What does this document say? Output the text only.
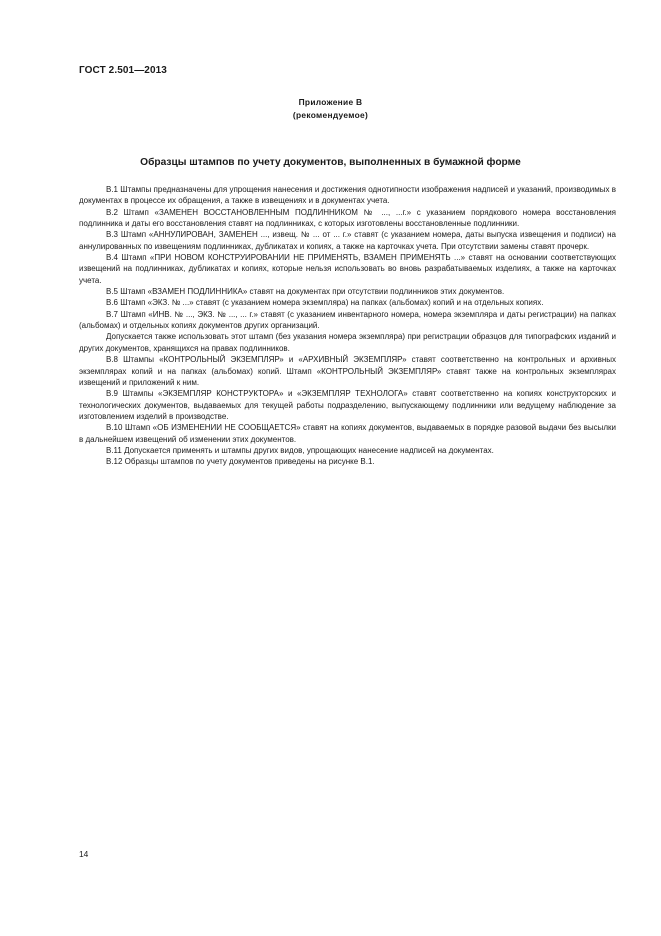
ГОСТ 2.501—2013
Приложение В
(рекомендуемое)
Образцы штампов по учету документов, выполненных в бумажной форме

В.1 Штампы предназначены для упрощения нанесения и достижения однотипности изображения надписей и указаний, производимых в документах в процессе их обращения, а также в извещениях и в документах учета.

В.2 Штамп «ЗАМЕНЕН ВОССТАНОВЛЕННЫМ ПОДЛИННИКОМ № ..., ...г.» с указанием порядкового номера восстановления подлинника и даты его восстановления ставят на подлинниках, с которых изготовлены восстановленные подлинники.

В.3 Штамп «АННУЛИРОВАН, ЗАМЕНЕН ..., извещ. № ... от ... г.» ставят (с указанием номера, даты выпуска извещения и подписи) на аннулированных по извещениям подлинниках, дубликатах и копиях, а также на карточках учета. При отсутствии замены ставят прочерк.

В.4 Штамп «ПРИ НОВОМ КОНСТРУИРОВАНИИ НЕ ПРИМЕНЯТЬ, ВЗАМЕН ПРИМЕНЯТЬ ...» ставят на основании соответствующих извещений на подлинниках, дубликатах и копиях, которые нельзя использовать во вновь разрабатываемых изделиях, а также на карточках учета.

В.5 Штамп «ВЗАМЕН ПОДЛИННИКА» ставят на документах при отсутствии подлинников этих документов.

В.6 Штамп «ЭКЗ. № ...» ставят (с указанием номера экземпляра) на папках (альбомах) копий и на отдельных копиях.

В.7 Штамп «ИНВ. № ..., ЭКЗ. № ..., ... г.» ставят (с указанием инвентарного номера, номера экземпляра и даты регистрации) на папках (альбомах) и отдельных копиях документов других организаций.

Допускается также использовать этот штамп (без указания номера экземпляра) при регистрации образцов для типографских изданий и других документов, хранящихся на правах подлинников.

В.8 Штампы «КОНТРОЛЬНЫЙ ЭКЗЕМПЛЯР» и «АРХИВНЫЙ ЭКЗЕМПЛЯР» ставят соответственно на контрольных и архивных экземплярах копий и на папках (альбомах) копий. Штамп «КОНТРОЛЬНЫЙ ЭКЗЕМПЛЯР» ставят также на контрольных экземплярах извещений и приложений к ним.

В.9 Штампы «ЭКЗЕМПЛЯР КОНСТРУКТОРА» и «ЭКЗЕМПЛЯР ТЕХНОЛОГА» ставят соответственно на копиях конструкторских и технологических документов, выдаваемых для текущей работы подразделению, выпускающему подлинники или ведущему наблюдение за изготовлением изделий в производстве.

В.10 Штамп «ОБ ИЗМЕНЕНИИ НЕ СООБЩАЕТСЯ» ставят на копиях документов, выдаваемых в порядке разовой выдачи без высылки в дальнейшем извещений об изменении этих документов.

В.11 Допускается применять и штампы других видов, упрощающих нанесение надписей на документах.

В.12 Образцы штампов по учету документов приведены на рисунке В.1.

14
